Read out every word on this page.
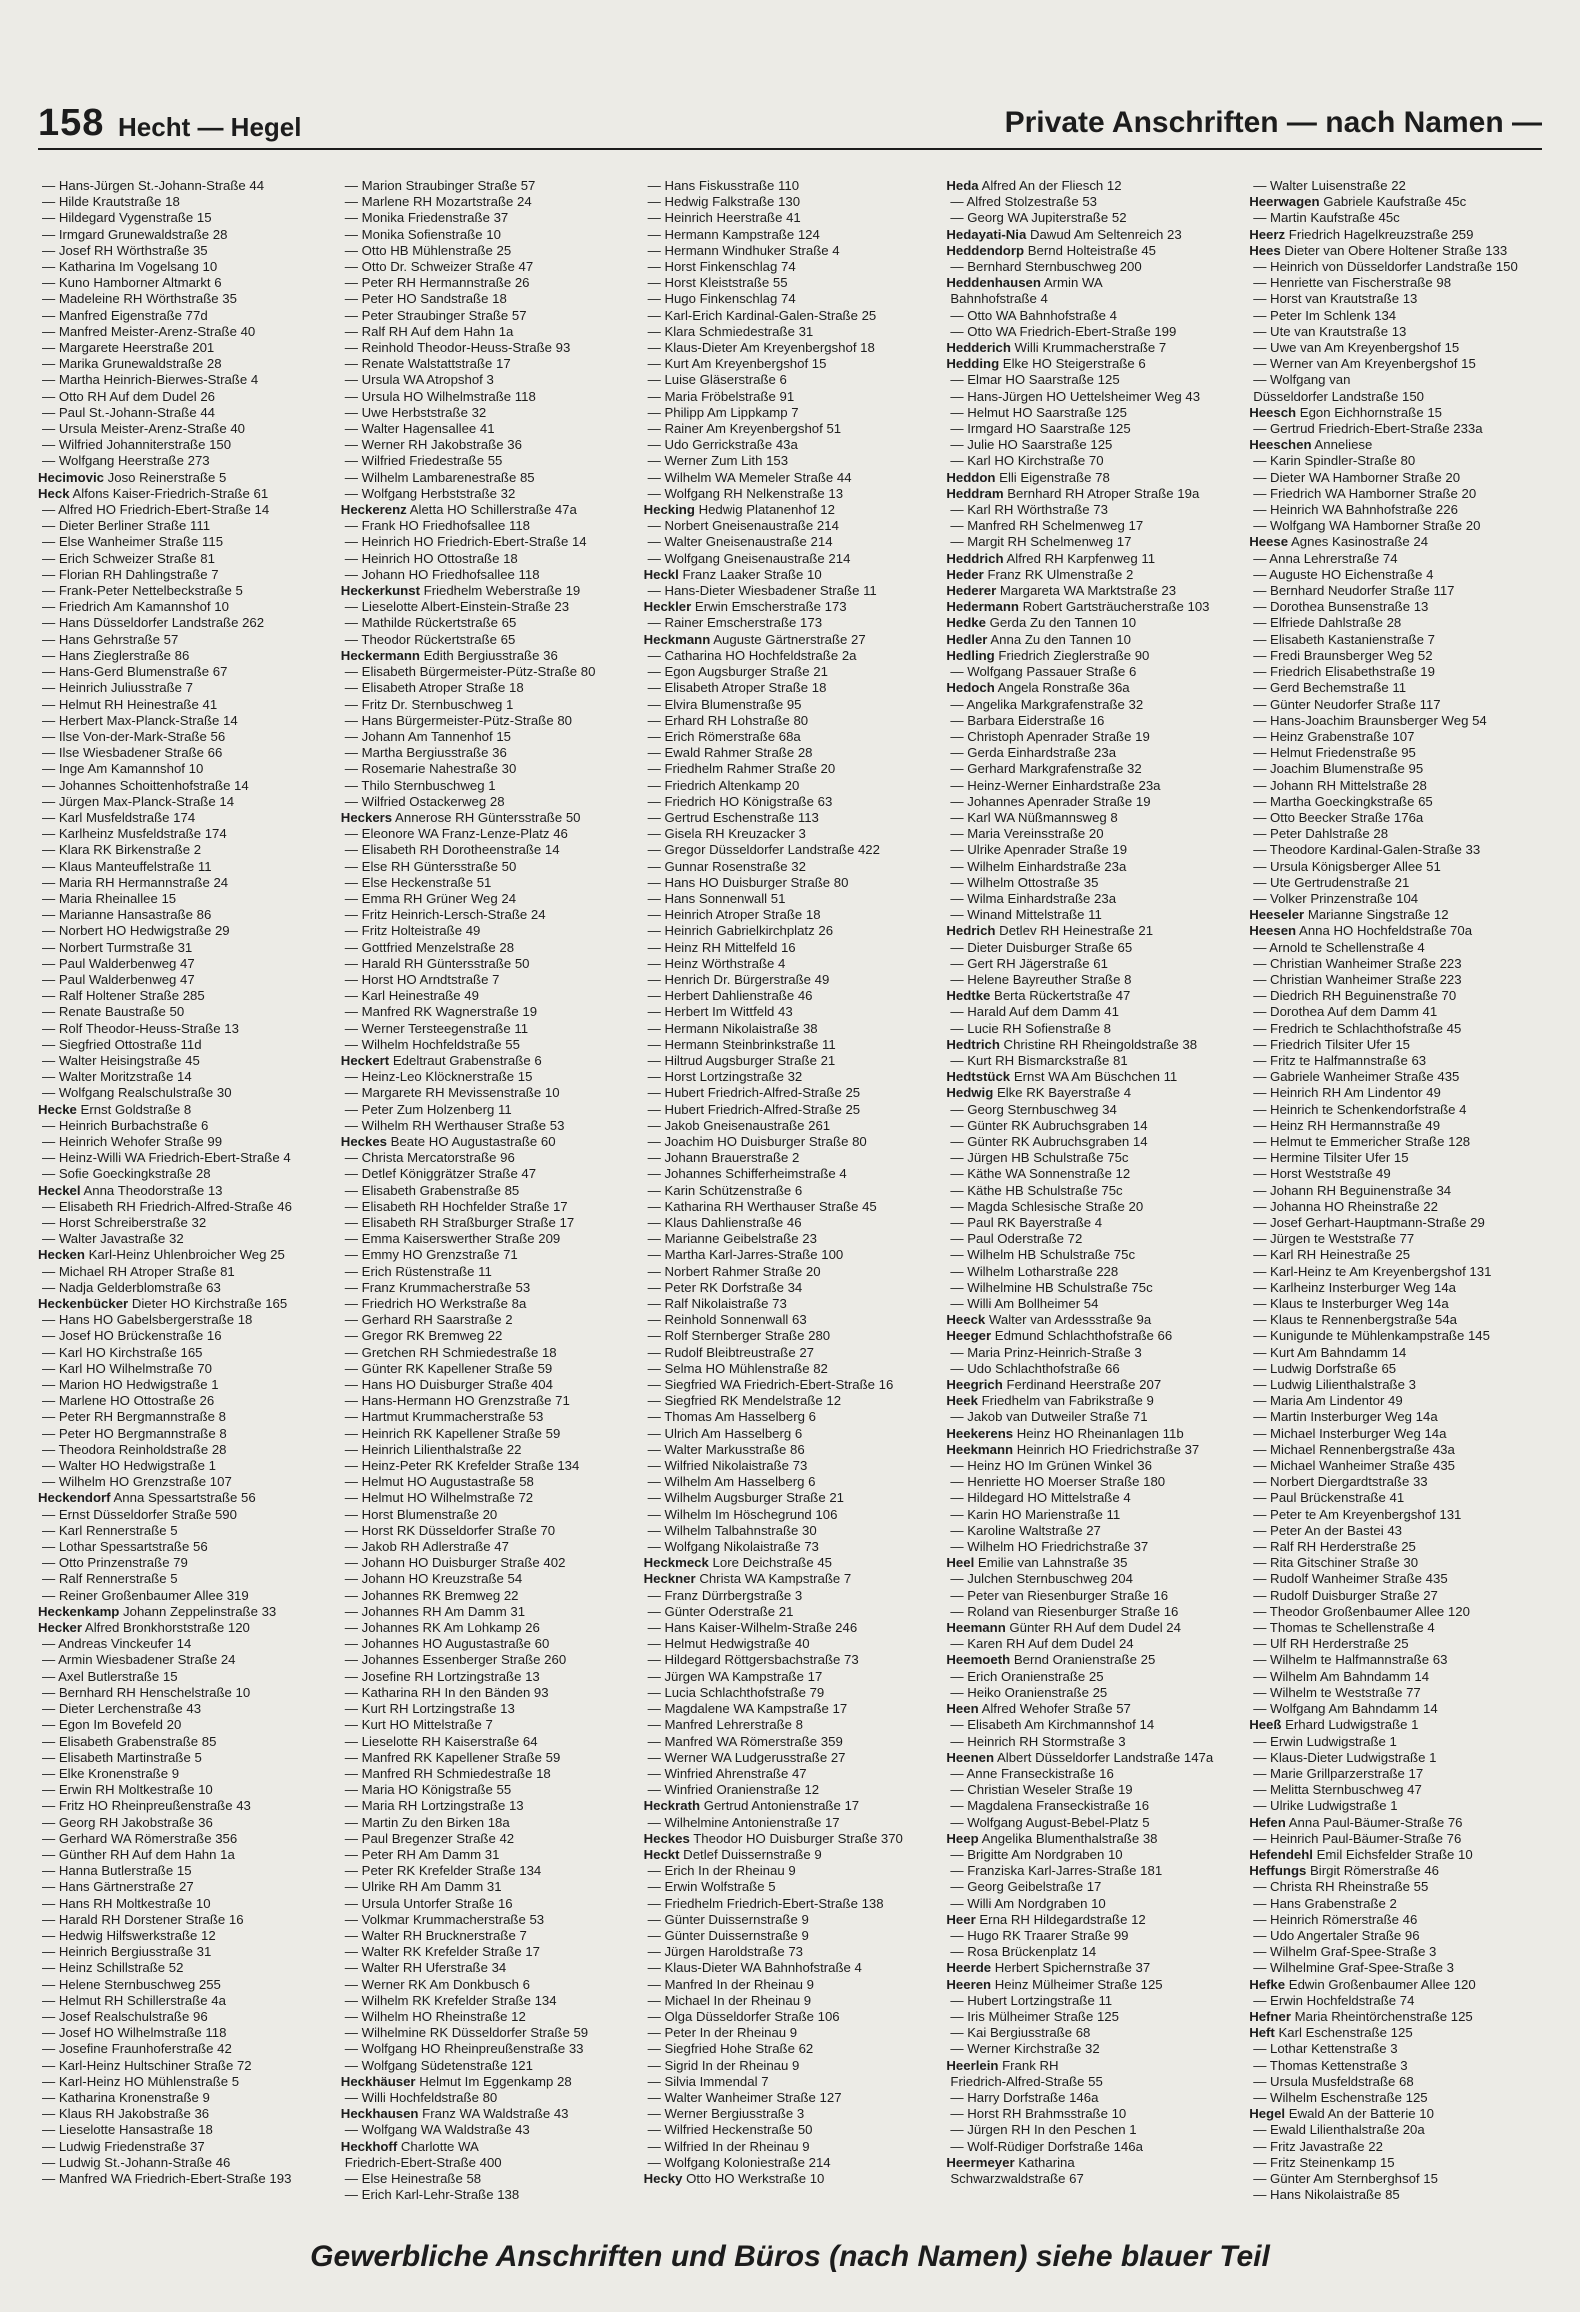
158 Hecht — Hegel	Private Anschriften — nach Namen —
— Hans-Jürgen St.-Johann-Straße 44
— Hilde Krautstraße 18
— Hildegard Vygenstraße 15
— Irmgard Grunewaldstraße 28
— Josef RH Wörthstraße 35
— Katharina Im Vogelsang 10
— Kuno Hamborner Altmarkt 6
— Madeleine RH Wörthstraße 35
— Manfred Eigenstraße 77d
— Manfred Meister-Arenz-Straße 40
— Margarete Heerstraße 201
— Marika Grunewaldstraße 28
— Martha Heinrich-Bierwes-Straße 4
— Otto RH Auf dem Dudel 26
— Paul St.-Johann-Straße 44
— Ursula Meister-Arenz-Straße 40
— Wilfried Johanniterstraße 150
— Wolfgang Heerstraße 273
Hecimovic Joso Reinerstraße 5
Heck Alfons Kaiser-Friedrich-Straße 61
— Alfred HO Friedrich-Ebert-Straße 14
— Dieter Berliner Straße 111
— Else Wanheimer Straße 115
— Erich Schweizer Straße 81
— Florian RH Dahlingstraße 7
— Frank-Peter Nettelbeckstraße 5
— Friedrich Am Kamannshof 10
— Hans Düsseldorfer Landstraße 262
— Hans Gehrstraße 57
— Hans Zieglerstraße 86
— Hans-Gerd Blumenstraße 67
— Heinrich Juliusstraße 7
— Helmut RH Heinestraße 41
— Herbert Max-Planck-Straße 14
— Ilse Von-der-Mark-Straße 56
— Ilse Wiesbadener Straße 66
— Inge Am Kamannshof 10
— Johannes Schoittenhofstraße 14
— Jürgen Max-Planck-Straße 14
— Karl Musfeldstraße 174
— Karlheinz Musfeldstraße 174
— Klara RK Birkenstraße 2
— Klaus Manteuffelstraße 11
— Maria RH Hermannstraße 24
— Maria Rheinallee 15
— Marianne Hansastraße 86
— Norbert HO Hedwigstraße 29
— Norbert Turmstraße 31
— Paul Walderbenweg 47
— Paul Walderbenweg 47
— Ralf Holtener Straße 285
— Renate Baustraße 50
— Rolf Theodor-Heuss-Straße 13
— Siegfried Ottostraße 11d
— Walter Heisingstraße 45
— Walter Moritzstraße 14
— Wolfgang Realschulstraße 30
Hecke Ernst Goldstraße 8
— Heinrich Burbachstraße 6
— Heinrich Wehofer Straße 99
— Heinz-Willi WA Friedrich-Ebert-Straße 4
— Sofie Goeckingkstraße 28
Heckel Anna Theodorstraße 13
— Elisabeth RH Friedrich-Alfred-Straße 46
— Horst Schreiberstraße 32
— Walter Javastraße 32
Hecken Karl-Heinz Uhlenbroicher Weg 25
— Michael RH Atroper Straße 81
— Nadja Gelderblomstraße 63
Heckenbücker Dieter HO Kirchstraße 165
— Hans HO Gabelsbergerstraße 18
— Josef HO Brückenstraße 16
— Karl HO Kirchstraße 165
— Karl HO Wilhelmstraße 70
— Marion HO Hedwigstraße 1
— Marlene HO Ottostraße 26
— Peter RH Bergmannstraße 8
— Peter HO Bergmannstraße 8
— Theodora Reinholdstraße 28
— Walter HO Hedwigstraße 1
— Wilhelm HO Grenzstraße 107
Heckendorf Anna Spessartstraße 56
— Ernst Düsseldorfer Straße 590
— Karl Rennerstraße 5
— Lothar Spessartstraße 56
— Otto Prinzenstraße 79
— Ralf Rennerstraße 5
— Reiner Großenbaumer Allee 319
Heckenkamp Johann Zeppelinstraße 33
Hecker Alfred Bronkhorststraße 120
— Andreas Vinckeufer 14
— Armin Wiesbadener Straße 24
— Axel Butlerstraße 15
— Bernhard RH Henschelstraße 10
— Dieter Lerchenstraße 43
— Egon Im Bovefeld 20
— Elisabeth Grabenstraße 85
— Elisabeth Martinstraße 5
— Elke Kronenstraße 9
— Erwin RH Moltkestraße 10
— Fritz HO Rheinpreußenstraße 43
— Georg RH Jakobstraße 36
— Gerhard WA Römerstraße 356
— Günther RH Auf dem Hahn 1a
— Hanna Butlerstraße 15
— Hans Gärtnerstraße 27
— Hans RH Moltkestraße 10
— Harald RH Dorstener Straße 16
— Hedwig Hilfswerkstraße 12
— Heinrich Bergiusstraße 31
— Heinz Schillstraße 52
— Helene Sternbuschweg 255
— Helmut RH Schillerstraße 4a
— Josef Realschulstraße 96
— Josef HO Wilhelmstraße 118
— Josefine Fraunhoferstraße 42
— Karl-Heinz Hultschiner Straße 72
— Karl-Heinz HO Mühlenstraße 5
— Katharina Kronenstraße 9
— Klaus RH Jakobstraße 36
— Lieselotte Hansastraße 18
— Ludwig Friedenstraße 37
— Ludwig St.-Johann-Straße 46
— Manfred WA Friedrich-Ebert-Straße 193
— Marion Straubinger Straße 57
— Marlene RH Mozartstraße 24
— Monika Friedenstraße 37
— Monika Sofienstraße 10
— Otto HB Mühlenstraße 25
— Otto Dr. Schweizer Straße 47
— Peter RH Hermannstraße 26
— Peter HO Sandstraße 18
— Peter Straubinger Straße 57
— Ralf RH Auf dem Hahn 1a
— Reinhold Theodor-Heuss-Straße 93
— Renate Walstattstraße 17
— Ursula WA Atropshof 3
— Ursula HO Wilhelmstraße 118
— Uwe Herbststraße 32
— Walter Hagensallee 41
— Werner RH Jakobstraße 36
— Wilfried Friedestraße 55
— Wilhelm Lambarenestraße 85
— Wolfgang Herbststraße 32
Heckerenz Aletta HO Schillerstraße 47a
— Frank HO Friedhofsallee 118
— Heinrich HO Friedrich-Ebert-Straße 14
— Heinrich HO Ottostraße 18
— Johann HO Friedhofsallee 118
Heckerkunst Friedhelm Weberstraße 19
— Lieselotte Albert-Einstein-Straße 23
— Mathilde Rückertstraße 65
— Theodor Rückertstraße 65
Heckermann Edith Bergiusstraße 36
— Elisabeth Bürgermeister-Pütz-Straße 80
— Elisabeth Atroper Straße 18
— Fritz Dr. Sternbuschweg 1
— Hans Bürgermeister-Pütz-Straße 80
— Johann Am Tannenhof 15
— Martha Bergiusstraße 36
— Rosemarie Nahestraße 30
— Thilo Sternbuschweg 1
— Wilfried Ostackerweg 28
Heckers Annerose RH Güntersstraße 50
— Eleonore WA Franz-Lenze-Platz 46
— Elisabeth RH Dorotheenstraße 14
— Else RH Güntersstraße 50
— Else Heckenstraße 51
— Emma RH Grüner Weg 24
— Fritz Heinrich-Lersch-Straße 24
— Fritz Holteistraße 49
— Gottfried Menzelstraße 28
— Harald RH Güntersstraße 50
— Horst HO Arndtstraße 7
— Karl Heinestraße 49
— Manfred RK Wagnerstraße 19
— Werner Tersteegenstraße 11
— Wilhelm Hochfeldstraße 55
Heckert Edeltraut Grabenstraße 6
— Heinz-Leo Klöcknerstraße 15
— Margarete RH Mevissenstraße 10
— Peter Zum Holzenberg 11
— Wilhelm RH Werthauser Straße 53
Heckes Beate HO Augustastraße 60
— Christa Mercatorstraße 96
— Detlef Königgrätzer Straße 47
— Elisabeth Grabenstraße 85
— Elisabeth RH Hochfelder Straße 17
— Elisabeth RH Straßburger Straße 17
— Emma Kaiserswerther Straße 209
— Emmy HO Grenzstraße 71
— Erich Rüstenstraße 11
— Franz Krummacherstraße 53
— Friedrich HO Werkstraße 8a
— Gerhard RH Saarstraße 2
— Gregor RK Bremweg 22
— Gretchen RH Schmiedestraße 18
— Günter RK Kapellener Straße 59
— Hans HO Duisburger Straße 404
— Hans-Hermann HO Grenzstraße 71
— Hartmut Krummacherstraße 53
— Heinrich RK Kapellener Straße 59
— Heinrich Lilienthalstraße 22
— Heinz-Peter RK Krefelder Straße 134
— Helmut HO Augustastraße 58
— Helmut HO Wilhelmstraße 72
— Horst Blumenstraße 20
— Horst RK Düsseldorfer Straße 70
— Jakob RH Adlerstraße 47
— Johann HO Duisburger Straße 402
— Johann HO Kreuzstraße 54
— Johannes RK Bremweg 22
— Johannes RH Am Damm 31
— Johannes RK Am Lohkamp 26
— Johannes HO Augustastraße 60
— Johannes Essenberger Straße 260
— Josefine RH Lortzingstraße 13
— Katharina RH In den Bänden 93
— Kurt RH Lortzingstraße 13
— Kurt HO Mittelstraße 7
— Lieselotte RH Kaiserstraße 64
— Manfred RK Kapellener Straße 59
— Manfred RH Schmiedestraße 18
— Maria HO Königstraße 55
— Maria RH Lortzingstraße 13
— Martin Zu den Birken 18a
— Paul Bregenzer Straße 42
— Peter RH Am Damm 31
— Peter RK Krefelder Straße 134
— Ulrike RH Am Damm 31
— Ursula Untorfer Straße 16
— Volkmar Krummacherstraße 53
— Walter RH Brucknerstraße 7
— Walter RK Krefelder Straße 17
— Walter RH Uferstraße 34
— Werner RK Am Donkbusch 6
— Wilhelm RK Krefelder Straße 134
— Wilhelm HO Rheinstraße 12
— Wilhelmine RK Düsseldorfer Straße 59
— Wolfgang HO Rheinpreußenstraße 33
— Wolfgang Südetenstraße 121
Heckhäuser Helmut Im Eggenkamp 28
— Willi Hochfeldstraße 80
Heckhausen Franz WA Waldstraße 43
— Wolfgang WA Waldstraße 43
Heckhoff Charlotte WA
Friedrich-Ebert-Straße 400
— Else Heinestraße 58
— Erich Karl-Lehr-Straße 138
— Hans Fiskusstraße 110
— Hedwig Falkstraße 130
— Heinrich Heerstraße 41
— Hermann Kampstraße 124
— Hermann Windhuker Straße 4
— Horst Finkenschlag 74
— Horst Kleiststraße 55
— Hugo Finkenschlag 74
— Karl-Erich Kardinal-Galen-Straße 25
— Klara Schmiedestraße 31
— Klaus-Dieter Am Kreyenbergshof 18
— Kurt Am Kreyenbergshof 15
— Luise Gläserstraße 6
— Maria Fröbelstraße 91
— Philipp Am Lippkamp 7
— Rainer Am Kreyenbergshof 51
— Udo Gerrickstraße 43a
— Werner Zum Lith 153
— Wilhelm WA Memeler Straße 44
— Wolfgang RH Nelkenstraße 13
Hecking Hedwig Platanenhof 12
— Norbert Gneisenaustraße 214
— Walter Gneisenaustraße 214
— Wolfgang Gneisenaustraße 214
Heckl Franz Laaker Straße 10
— Hans-Dieter Wiesbadener Straße 11
Heckler Erwin Emscherstraße 173
— Rainer Emscherstraße 173
Heckmann Auguste Gärtnerstraße 27
— Catharina HO Hochfeldstraße 2a
— Egon Augsburger Straße 21
— Elisabeth Atroper Straße 18
— Elvira Blumenstraße 95
— Erhard RH Lohstraße 80
— Erich Römerstraße 68a
— Ewald Rahmer Straße 28
— Friedhelm Rahmer Straße 20
— Friedrich Altenkamp 20
— Friedrich HO Königstraße 63
— Gertrud Eschenstraße 113
— Gisela RH Kreuzacker 3
— Gregor Düsseldorfer Landstraße 422
— Gunnar Rosenstraße 32
— Hans HO Duisburger Straße 80
— Hans Sonnenwall 51
— Heinrich Atroper Straße 18
— Heinrich Gabrielkirchplatz 26
— Heinz RH Mittelfeld 16
— Heinz Wörthstraße 4
— Henrich Dr. Bürgerstraße 49
— Herbert Dahlienstraße 46
— Herbert Im Wittfeld 43
— Hermann Nikolaistraße 38
— Hermann Steinbrinkstraße 11
— Hiltrud Augsburger Straße 21
— Horst Lortzingstraße 32
— Hubert Friedrich-Alfred-Straße 25
— Hubert Friedrich-Alfred-Straße 25
— Jakob Gneisenaustraße 261
— Joachim HO Duisburger Straße 80
— Johann Brauerstraße 2
— Johannes Schifferheimstraße 4
— Karin Schützenstraße 6
— Katharina RH Werthauser Straße 45
— Klaus Dahlienstraße 46
— Marianne Geibelstraße 23
— Martha Karl-Jarres-Straße 100
— Norbert Rahmer Straße 20
— Peter RK Dorfstraße 34
— Ralf Nikolaistraße 73
— Reinhold Sonnenwall 63
— Rolf Sternberger Straße 280
— Rudolf Bleibtreustraße 27
— Selma HO Mühlenstraße 82
— Siegfried WA Friedrich-Ebert-Straße 16
— Siegfried RK Mendelstraße 12
— Thomas Am Hasselberg 6
— Ulrich Am Hasselberg 6
— Walter Markusstraße 86
— Wilfried Nikolaistraße 73
— Wilhelm Am Hasselberg 6
— Wilhelm Augsburger Straße 21
— Wilhelm Im Höschegrund 106
— Wilhelm Talbahnstraße 30
— Wolfgang Nikolaistraße 73
Heckmeck Lore Deichstraße 45
Heckner Christa WA Kampstraße 7
— Franz Dürrbergstraße 3
— Günter Oderstraße 21
— Hans Kaiser-Wilhelm-Straße 246
— Helmut Hedwigstraße 40
— Hildegard Röttgersbachstraße 73
— Jürgen WA Kampstraße 17
— Lucia Schlachthofstraße 79
— Magdalene WA Kampstraße 17
— Manfred Lehrerstraße 8
— Manfred WA Römerstraße 359
— Werner WA Ludgerusstraße 27
— Winfried Ahrenstraße 47
— Winfried Oranienstraße 12
Heckrath Gertrud Antonienstraße 17
— Wilhelmine Antonienstraße 17
Heckes Theodor HO Duisburger Straße 370
Heckt Detlef Duissernstraße 9
— Erich In der Rheinau 9
— Erwin Wolfstraße 5
— Friedhelm Friedrich-Ebert-Straße 138
— Günter Duissernstraße 9
— Günter Duissernstraße 9
— Jürgen Haroldstraße 73
— Klaus-Dieter WA Bahnhofstraße 4
— Manfred In der Rheinau 9
— Michael In der Rheinau 9
— Olga Düsseldorfer Straße 106
— Peter In der Rheinau 9
— Siegfried Hohe Straße 62
— Sigrid In der Rheinau 9
— Silvia Immendal 7
— Walter Wanheimer Straße 127
— Werner Bergiusstraße 3
— Wilfried Heckenstraße 50
— Wilfried In der Rheinau 9
— Wolfgang Koloniestraße 214
Hecky Otto HO Werkstraße 10
Heda Alfred An der Fliesch 12
— Alfred Stolzestraße 53
— Georg WA Jupiterstraße 52
Hedayati-Nia Dawud Am Seltenreich 23
Heddendorp Bernd Holteistraße 45
— Bernhard Sternbuschweg 200
Heddenhausen Armin WA
Bahnhofstraße 4
— Otto WA Bahnhofstraße 4
— Otto WA Friedrich-Ebert-Straße 199
Hedderich Willi Krummacherstraße 7
Hedding Elke HO Steigerstraße 6
— Elmar HO Saarstraße 125
— Hans-Jürgen HO Uettelsheimer Weg 43
— Helmut HO Saarstraße 125
— Irmgard HO Saarstraße 125
— Julie HO Saarstraße 125
— Karl HO Kirchstraße 70
Heddon Elli Eigenstraße 78
Heddram Bernhard RH Atroper Straße 19a
— Karl RH Wörthstraße 73
— Manfred RH Schelmenweg 17
— Margit RH Schelmenweg 17
Heddrich Alfred RH Karpfenweg 11
Heder Franz RK Ulmenstraße 2
Hederer Margareta WA Marktstraße 23
Hedermann Robert Gartsträucherstraße 103
Hedke Gerda Zu den Tannen 10
Hedler Anna Zu den Tannen 10
Hedling Friedrich Zieglerstraße 90
— Wolfgang Passauer Straße 6
Hedoch Angela Ronstraße 36a
— Angelika Markgrafenstraße 32
— Barbara Eiderstraße 16
— Christoph Apenrader Straße 19
— Gerda Einhardstraße 23a
— Gerhard Markgrafenstraße 32
— Heinz-Werner Einhardstraße 23a
— Johannes Apenrader Straße 19
— Karl WA Nüßmannsweg 8
— Maria Vereinsstraße 20
— Ulrike Apenrader Straße 19
— Wilhelm Einhardstraße 23a
— Wilhelm Ottostraße 35
— Wilma Einhardstraße 23a
— Winand Mittelstraße 11
Hedrich Detlev RH Heinestraße 21
— Dieter Duisburger Straße 65
— Gert RH Jägerstraße 61
— Helene Bayreuther Straße 8
Hedtke Berta Rückertstraße 47
— Harald Auf dem Damm 41
— Lucie RH Sofienstraße 8
Hedtrich Christine RH Rheingoldstraße 38
— Kurt RH Bismarckstraße 81
Hedtstück Ernst WA Am Büschchen 11
Hedwig Elke RK Bayerstraße 4
— Georg Sternbuschweg 34
— Günter RK Aubruchsgraben 14
— Günter RK Aubruchsgraben 14
— Jürgen HB Schulstraße 75c
— Käthe WA Sonnenstraße 12
— Käthe HB Schulstraße 75c
— Magda Schlesische Straße 20
— Paul RK Bayerstraße 4
— Paul Oderstraße 72
— Wilhelm HB Schulstraße 75c
— Wilhelm Lotharstraße 228
— Wilhelmine HB Schulstraße 75c
— Willi Am Bollheimer 54
Heeck Walter van Ardessstraße 9a
Heeger Edmund Schlachthofstraße 66
— Maria Prinz-Heinrich-Straße 3
— Udo Schlachthofstraße 66
Heegrich Ferdinand Heerstraße 207
Heek Friedhelm van Fabrikstraße 9
— Jakob van Dutweiler Straße 71
Heekerens Heinz HO Rheinanlagen 11b
Heekmann Heinrich HO Friedrichstraße 37
— Heinz HO Im Grünen Winkel 36
— Henriette HO Moerser Straße 180
— Hildegard HO Mittelstraße 4
— Karin HO Marienstraße 11
— Karoline Waltstraße 27
— Wilhelm HO Friedrichstraße 37
Heel Emilie van Lahnstraße 35
— Julchen Sternbuschweg 204
— Peter van Riesenburger Straße 16
— Roland van Riesenburger Straße 16
Heemann Günter RH Auf dem Dudel 24
— Karen RH Auf dem Dudel 24
Heemoeth Bernd Oranienstraße 25
— Erich Oranienstraße 25
— Heiko Oranienstraße 25
Heen Alfred Wehofer Straße 57
— Elisabeth Am Kirchmannshof 14
— Heinrich RH Stormstraße 3
Heenen Albert Düsseldorfer Landstraße 147a
— Anne Franseckistraße 16
— Christian Weseler Straße 19
— Magdalena Franseckistraße 16
— Wolfgang August-Bebel-Platz 5
Heep Angelika Blumenthalstraße 38
— Brigitte Am Nordgraben 10
— Franziska Karl-Jarres-Straße 181
— Georg Geibelstraße 17
— Willi Am Nordgraben 10
Heer Erna RH Hildegardstraße 12
— Hugo RK Traarer Straße 99
— Rosa Brückenplatz 14
Heerde Herbert Spichernstraße 37
Heeren Heinz Mülheimer Straße 125
— Hubert Lortzingstraße 11
— Iris Mülheimer Straße 125
— Kai Bergiusstraße 68
— Werner Kirchstraße 32
Heerlein Frank RH
Friedrich-Alfred-Straße 55
— Harry Dorfstraße 146a
— Horst RH Brahmsstraße 10
— Jürgen RH In den Peschen 1
— Wolf-Rüdiger Dorfstraße 146a
Heermeyer Katharina
Schwarzwaldstraße 67
— Walter Luisenstraße 22
Heerwagen Gabriele Kaufstraße 45c
— Martin Kaufstraße 45c
Heerz Friedrich Hagelkreuzstraße 259
Hees Dieter van Obere Holtener Straße 133
— Heinrich von Düsseldorfer Landstraße 150
— Henriette van Fischerstraße 98
— Horst van Krautstraße 13
— Peter Im Schlenk 134
— Ute van Krautstraße 13
— Uwe van Am Kreyenbergshof 15
— Werner van Am Kreyenbergshof 15
— Wolfgang van
Düsseldorfer Landstraße 150
Heesch Egon Eichhornstraße 15
— Gertrud Friedrich-Ebert-Straße 233a
Heeschen Anneliese
— Karin Spindler-Straße 80
— Dieter WA Hamborner Straße 20
— Friedrich WA Hamborner Straße 20
— Heinrich WA Bahnhofstraße 226
— Wolfgang WA Hamborner Straße 20
Heese Agnes Kasinostraße 24
— Anna Lehrerstraße 74
— Auguste HO Eichenstraße 4
— Bernhard Neudorfer Straße 117
— Dorothea Bunsenstraße 13
— Elfriede Dahlstraße 28
— Elisabeth Kastanienstraße 7
— Fredi Braunsberger Weg 52
— Friedrich Elisabethstraße 19
— Gerd Bechemstraße 11
— Günter Neudorfer Straße 117
— Hans-Joachim Braunsberger Weg 54
— Heinz Grabenstraße 107
— Helmut Friedenstraße 95
— Joachim Blumenstraße 95
— Johann RH Mittelstraße 28
— Martha Goeckingkstraße 65
— Otto Beecker Straße 176a
— Peter Dahlstraße 28
— Theodore Kardinal-Galen-Straße 33
— Ursula Königsberger Allee 51
— Ute Gertrudenstraße 21
— Volker Prinzenstraße 104
Heeseler Marianne Singstraße 12
Heesen Anna HO Hochfeldstraße 70a
— Arnold te Schellenstraße 4
— Christian Wanheimer Straße 223
— Christian Wanheimer Straße 223
— Diedrich RH Beguinenstraße 70
— Dorothea Auf dem Damm 41
— Fredrich te Schlachthofstraße 45
— Friedrich Tilsiter Ufer 15
— Fritz te Halfmannstraße 63
— Gabriele Wanheimer Straße 435
— Heinrich RH Am Lindentor 49
— Heinrich te Schenkendorfstraße 4
— Heinz RH Hermannstraße 49
— Helmut te Emmericher Straße 128
— Hermine Tilsiter Ufer 15
— Horst Weststraße 49
— Johann RH Beguinenstraße 34
— Johanna HO Rheinstraße 22
— Josef Gerhart-Hauptmann-Straße 29
— Jürgen te Weststraße 77
— Karl RH Heinestraße 25
— Karl-Heinz te Am Kreyenbergshof 131
— Karlheinz Insterburger Weg 14a
— Klaus te Insterburger Weg 14a
— Klaus te Rennenbergstraße 54a
— Kunigunde te Mühlenkampstraße 145
— Kurt Am Bahndamm 14
— Ludwig Dorfstraße 65
— Ludwig Lilienthalstraße 3
— Maria Am Lindentor 49
— Martin Insterburger Weg 14a
— Michael Insterburger Weg 14a
— Michael Rennenbergstraße 43a
— Michael Wanheimer Straße 435
— Norbert Diergardtstraße 33
— Paul Brückenstraße 41
— Peter te Am Kreyenbergshof 131
— Peter An der Bastei 43
— Ralf RH Herderstraße 25
— Rita Gitschiner Straße 30
— Rudolf Wanheimer Straße 435
— Rudolf Duisburger Straße 27
— Theodor Großenbaumer Allee 120
— Thomas te Schellenstraße 4
— Ulf RH Herderstraße 25
— Wilhelm te Halfmannstraße 63
— Wilhelm Am Bahndamm 14
— Wilhelm te Weststraße 77
— Wolfgang Am Bahndamm 14
Heeß Erhard Ludwigstraße 1
— Erwin Ludwigstraße 1
— Klaus-Dieter Ludwigstraße 1
— Marie Grillparzerstraße 17
— Melitta Sternbuschweg 47
— Ulrike Ludwigstraße 1
Hefen Anna Paul-Bäumer-Straße 76
— Heinrich Paul-Bäumer-Straße 76
Hefendehl Emil Eichsfelder Straße 10
Heffungs Birgit Römerstraße 46
— Christa RH Rheinstraße 55
— Hans Grabenstraße 2
— Heinrich Römerstraße 46
— Udo Angertaler Straße 96
— Wilhelm Graf-Spee-Straße 3
— Wilhelmine Graf-Spee-Straße 3
Hefke Edwin Großenbaumer Allee 120
— Erwin Hochfeldstraße 74
Hefner Maria Rheintörchenstraße 125
Heft Karl Eschenstraße 125
— Lothar Kettenstraße 3
— Thomas Kettenstraße 3
— Ursula Musfeldstraße 68
— Wilhelm Eschenstraße 125
Hegel Ewald An der Batterie 10
— Ewald Lilienthalstraße 20a
— Fritz Javastraße 22
— Fritz Steinenkamp 15
— Günter Am Sternberghsof 15
— Hans Nikolaistraße 85
Gewerbliche Anschriften und Büros (nach Namen) siehe blauer Teil
